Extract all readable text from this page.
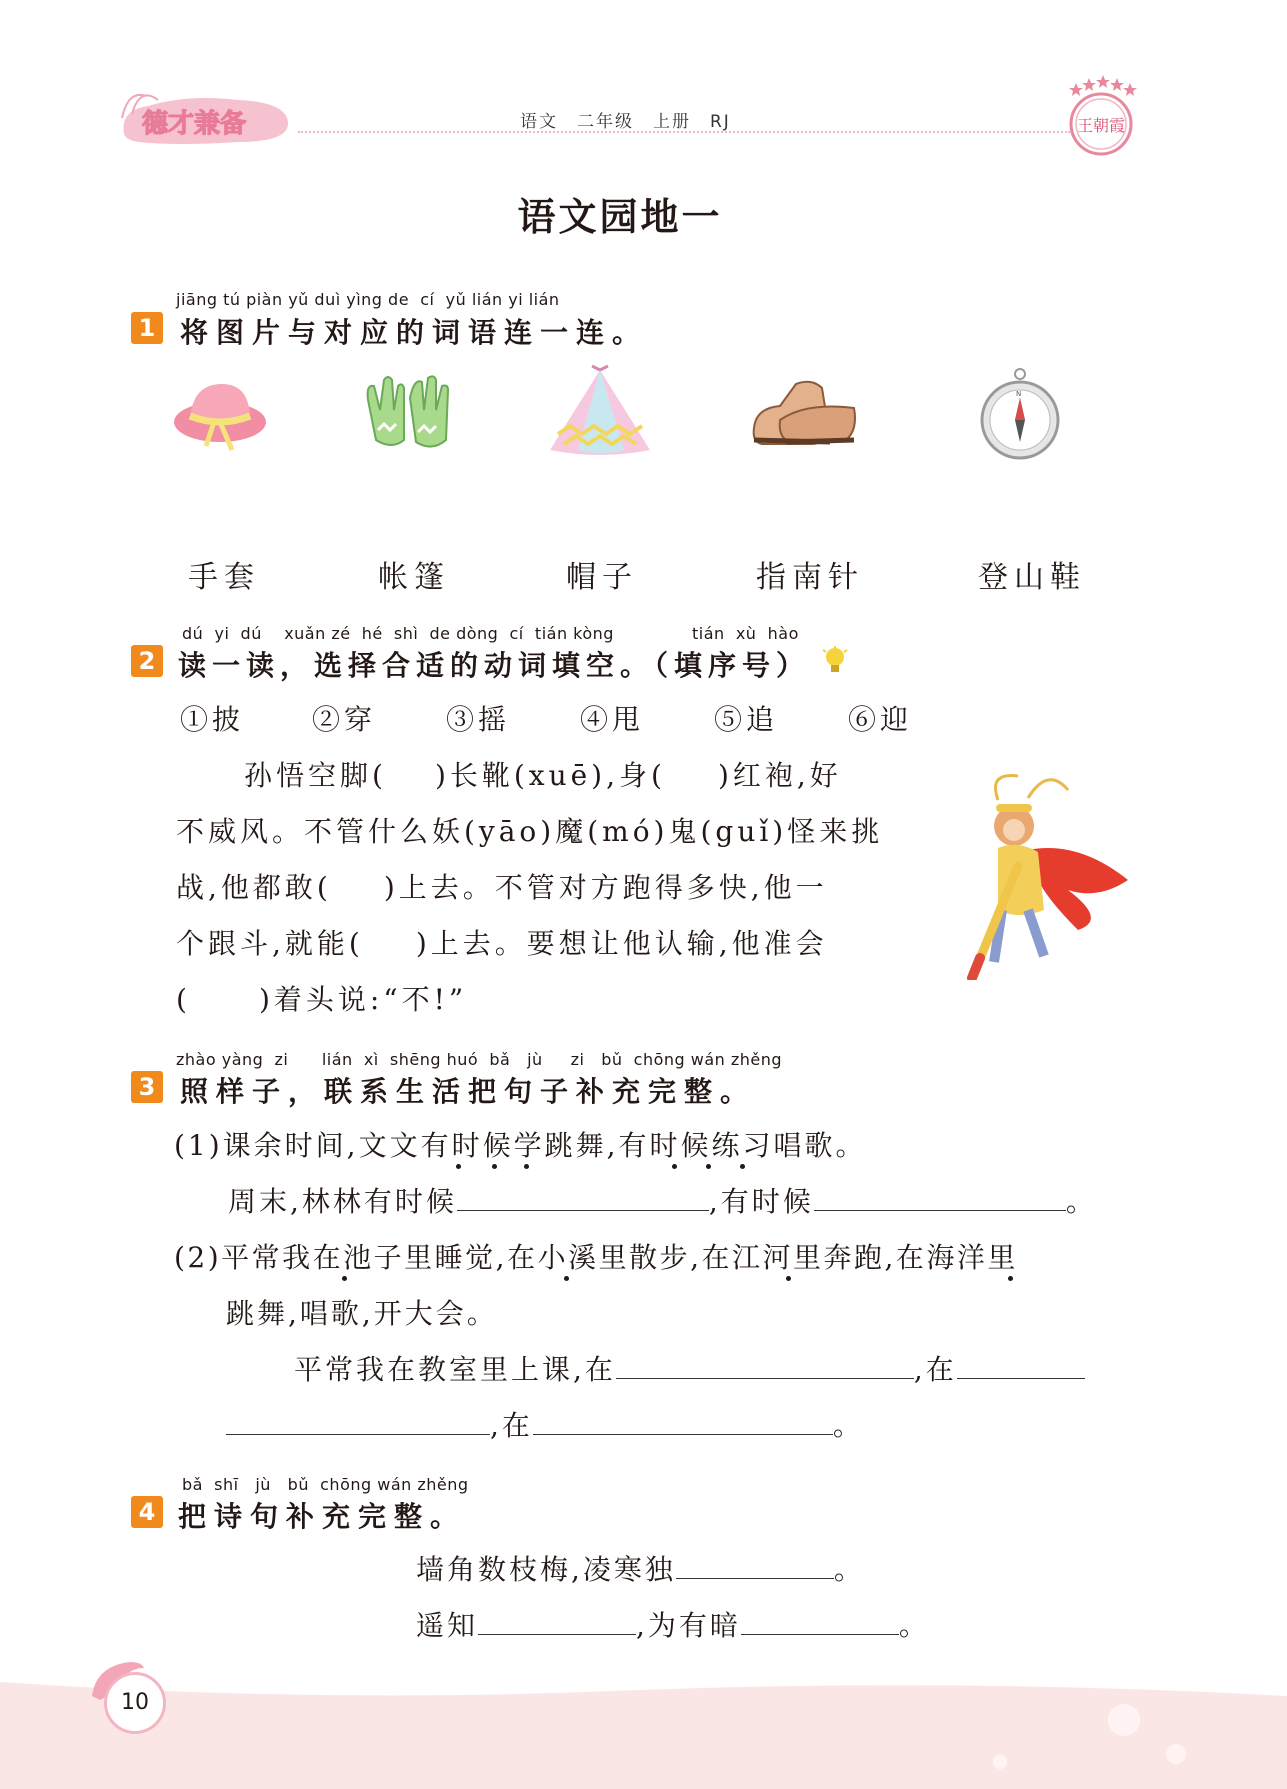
德才兼备	语文　二年级　上册　RJ	王朝霞
语文园地一
jiāng tú piàn yǔ duì yìng de  cí  yǔ lián yi lián
1 将图片与对应的词语连一连。
N
手套	帐篷	帽子	指南针	登山鞋
dú  yi  dú    xuǎn zé  hé  shì  de dòng  cí  tián kòng	tián  xù  hào
2 读一读，选择合适的动词填空。（填序号）
①披 ②穿 ③摇 ④甩 ⑤追 ⑥迎
孙悟空脚( )长靴(xuē),身( )红袍,好
不威风。不管什么妖(yāo)魔(mó)鬼(guǐ)怪来挑
战,他都敢( )上去。不管对方跑得多快,他一
个跟斗,就能( )上去。要想让他认输,他准会
( )着头说:“不!”
zhào yàng  zi      lián  xì  shēng huó  bǎ   jù     zi   bǔ  chōng wán zhěng
3 照样子，联系生活把句子补充完整。
(1)课余时间,文文有时候学跳舞,有时候练习唱歌。
周末,林林有时候	,有时候	。
(2)平常我在池子里睡觉,在小溪里散步,在江河里奔跑,在海洋里
跳舞,唱歌,开大会。
平常我在教室里上课,在	,在
,在	。
bǎ  shī   jù   bǔ  chōng wán zhěng
4 把诗句补充完整。
墙角数枝梅,凌寒独	。
遥知	,为有暗	。
10
